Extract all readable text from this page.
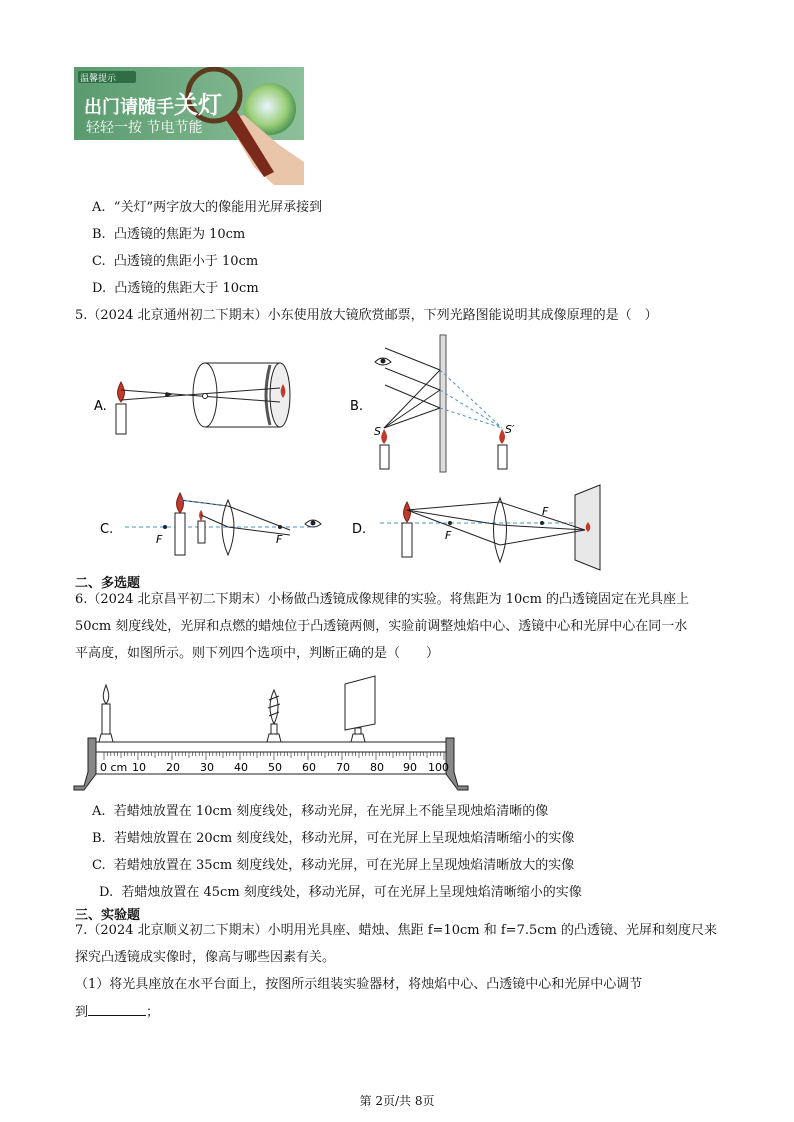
温馨提示
出门请随手关灯
轻轻一按 节电节能
A. “关灯”两字放大的像能用光屏承接到
B. 凸透镜的焦距为 10cm
C. 凸透镜的焦距小于 10cm
D. 凸透镜的焦距大于 10cm
5.（2024 北京通州初二下期末）小东使用放大镜欣赏邮票，下列光路图能说明其成像原理的是（　）
A.	B.
S	S′
C.
F	F
D.	F
F
二、多选题
6.（2024 北京昌平初二下期末）小杨做凸透镜成像规律的实验。将焦距为 10cm 的凸透镜固定在光具座上
50cm 刻度线处，光屏和点燃的蜡烛位于凸透镜两侧，实验前调整烛焰中心、透镜中心和光屏中心在同一水
平高度，如图所示。则下列四个选项中，判断正确的是（　　）
0 cm 10 20 30 40 50 60 70 80 90 100
A. 若蜡烛放置在 10cm 刻度线处，移动光屏，在光屏上不能呈现烛焰清晰的像
B. 若蜡烛放置在 20cm 刻度线处，移动光屏，可在光屏上呈现烛焰清晰缩小的实像
C. 若蜡烛放置在 35cm 刻度线处，移动光屏，可在光屏上呈现烛焰清晰放大的实像
D. 若蜡烛放置在 45cm 刻度线处，移动光屏，可在光屏上呈现烛焰清晰缩小的实像
三、实验题
7.（2024 北京顺义初二下期末）小明用光具座、蜡烛、焦距 f=10cm 和 f=7.5cm 的凸透镜、光屏和刻度尺来
探究凸透镜成实像时，像高与哪些因素有关。
（1）将光具座放在水平台面上，按图所示组装实验器材，将烛焰中心、凸透镜中心和光屏中心调节
到	；
第 2页/共 8页
